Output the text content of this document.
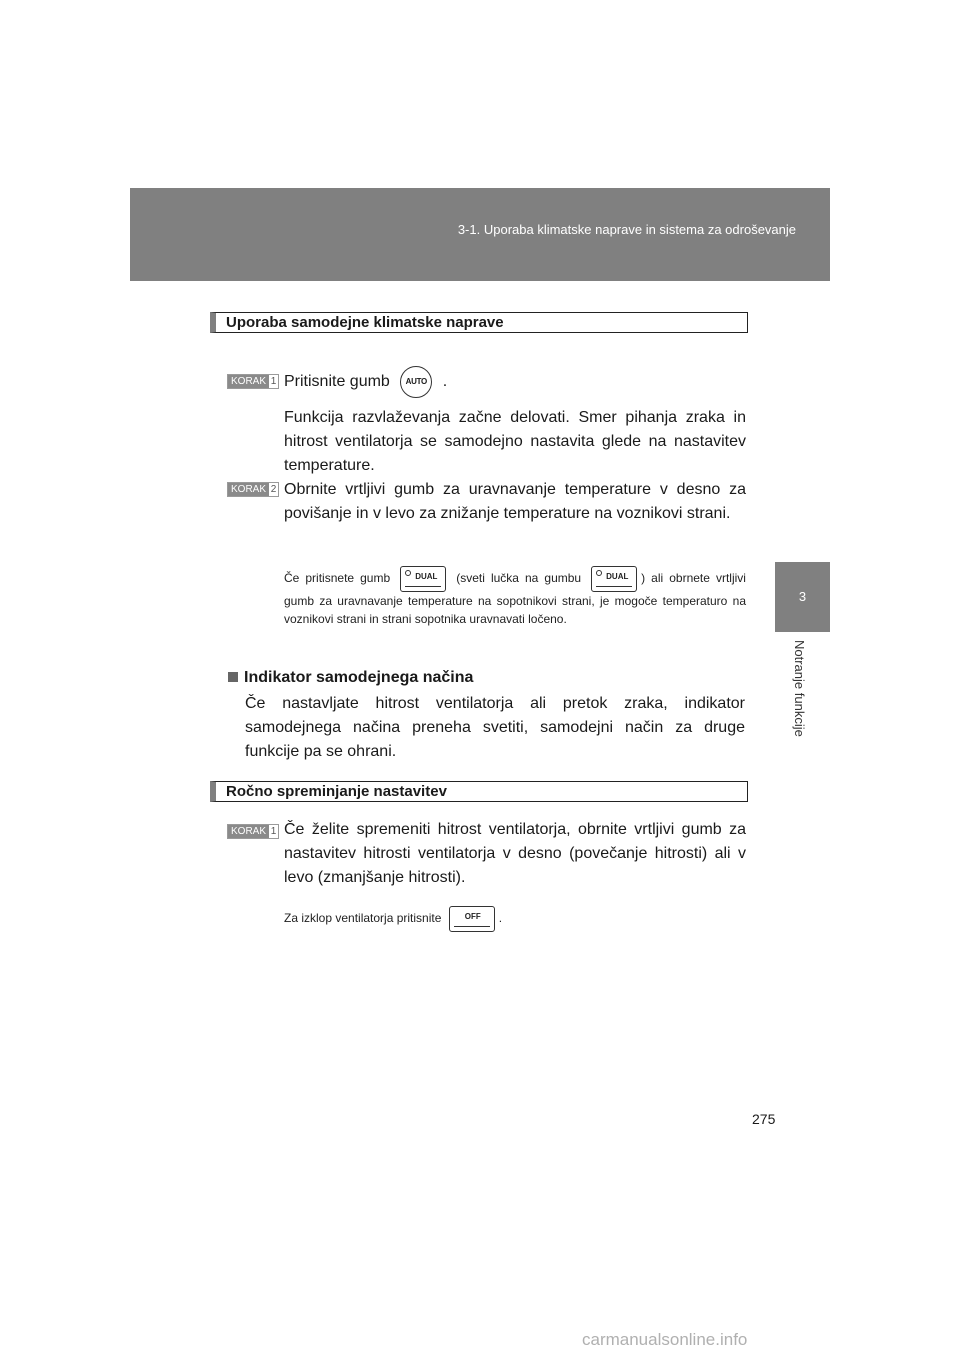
3-1. Uporaba klimatske naprave in sistema za odroševanje
3
Notranje funkcije
Uporaba samodejne klimatske naprave
KORAK 1 Pritisnite gumb AUTO .
Funkcija razvlaževanja začne delovati. Smer pihanja zraka in hitrost ventilatorja se samodejno nastavita glede na nastavitev temperature.
KORAK 2 Obrnite vrtljivi gumb za uravnavanje temperature v desno za povišanje in v levo za znižanje temperature na voznikovi strani.
Če pritisnete gumb	DUAL (sveti lučka na gumbu	DUAL ) ali obrnete vrtljivi gumb za uravnavanje temperature na sopotnikovi strani, je mogoče temperaturo na voznikovi strani in strani sopotnika uravnavati ločeno.
Indikator samodejnega načina
Če nastavljate hitrost ventilatorja ali pretok zraka, indikator samodejnega načina preneha svetiti, samodejni način za druge funkcije pa se ohrani.
Ročno spreminjanje nastavitev
KORAK 1 Če želite spremeniti hitrost ventilatorja, obrnite vrtljivi gumb za nastavitev hitrosti ventilatorja v desno (povečanje hitrosti) ali v levo (zmanjšanje hitrosti).
Za izklop ventilatorja pritisnite	OFF .
275
carmanualsonline.info
